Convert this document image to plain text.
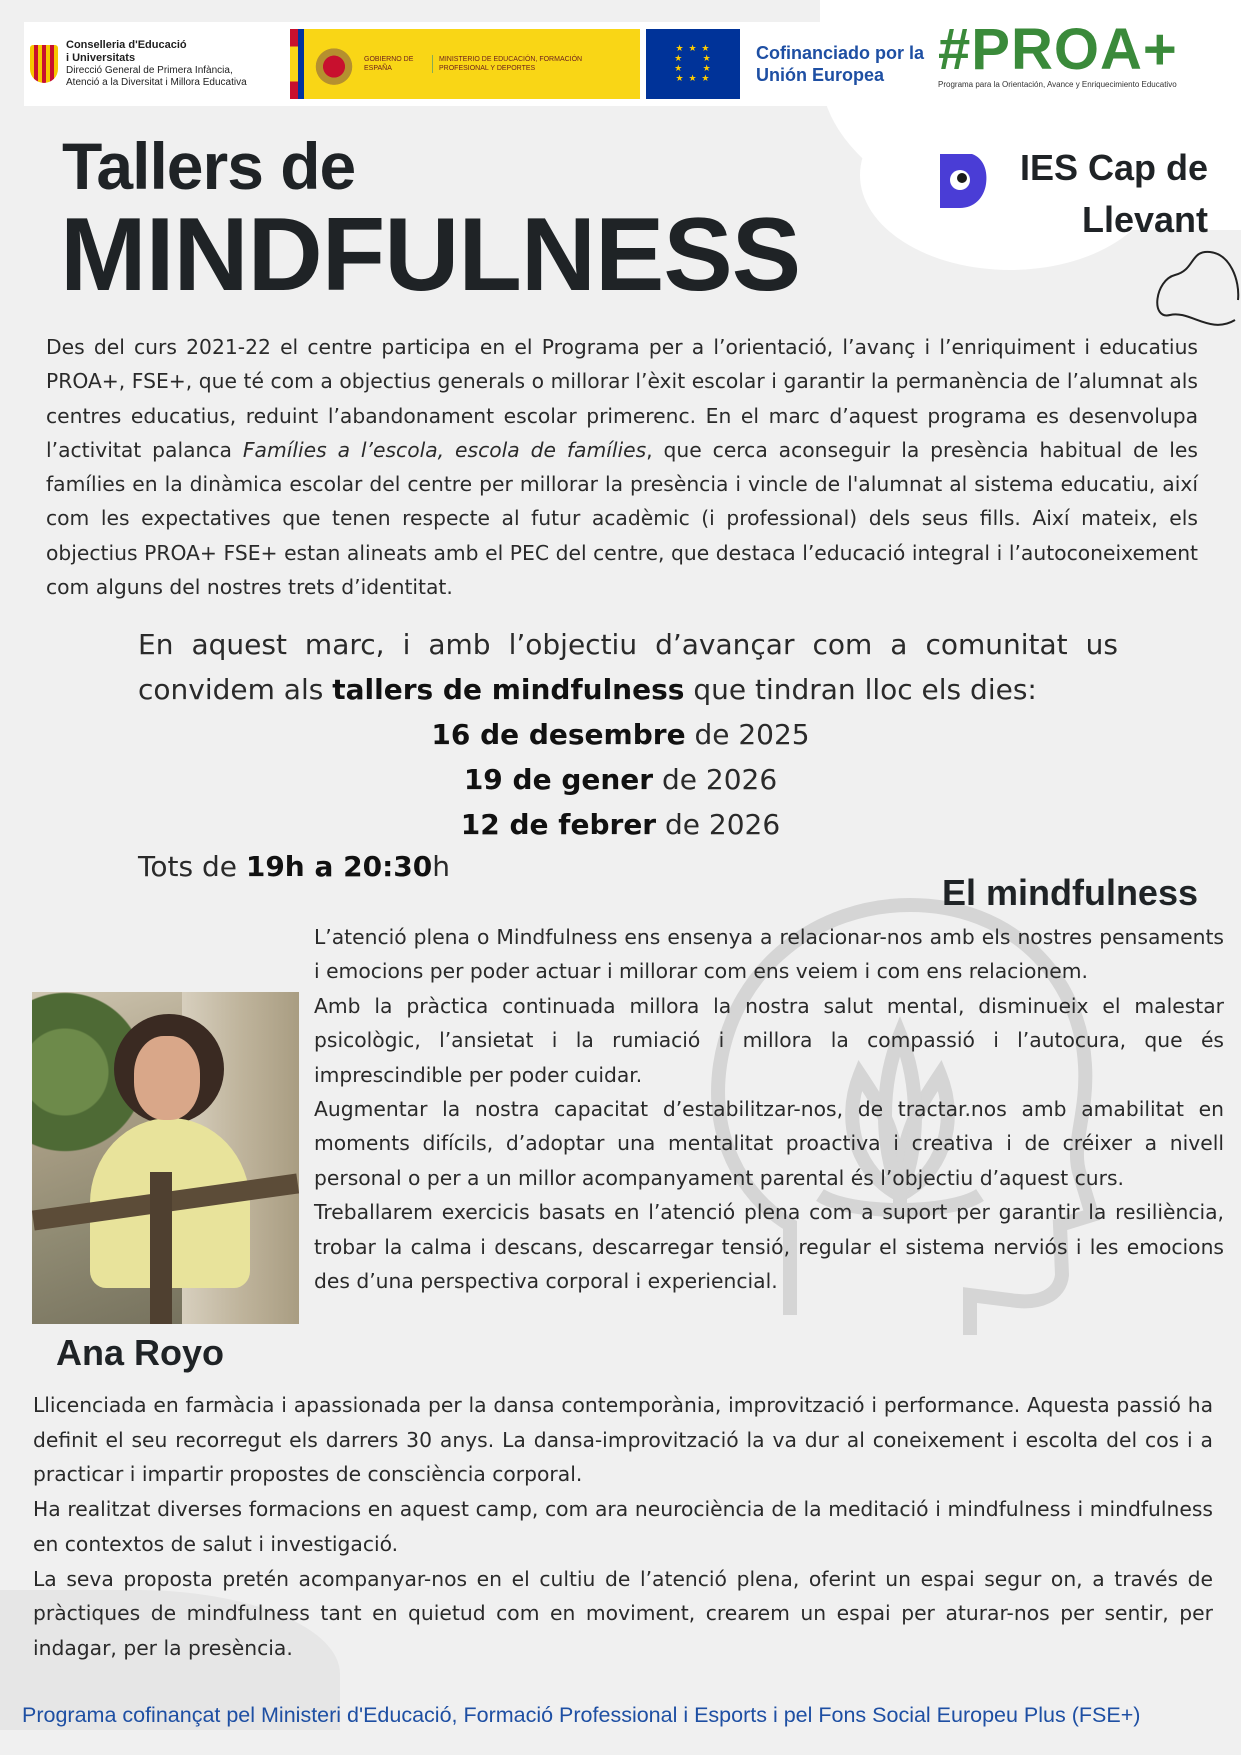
Conselleria d'Educació
i Universitats
Direcció General de Primera Infància,
Atenció a la Diversitat i Millora Educativa
GOBIERNO DE ESPAÑA
MINISTERIO DE EDUCACIÓN, FORMACIÓN PROFESIONAL Y DEPORTES
★ ★ ★
★     ★
★     ★
★ ★ ★
Cofinanciado por la Unión Europea #PROA+
Programa para la Orientación, Avance y Enriquecimiento Educativo
Tallers de
MINDFULNESS
IES Cap de Llevant
Des del curs 2021-22 el centre participa en el Programa per a l’orientació, l’avanç i l’enriquiment i educatius PROA+, FSE+, que té com a objectius generals o millorar l’èxit escolar i garantir la permanència de l’alumnat als centres educatius, reduint l’abandonament escolar primerenc. En el marc d’aquest programa es desenvolupa l’activitat palanca Famílies a l’escola, escola de famílies, que cerca aconseguir la presència habitual de les famílies en la dinàmica escolar del centre per millorar la presència i vincle de l'alumnat al sistema educatiu, així com les expectatives que tenen respecte al futur acadèmic (i professional) dels seus fills. Així mateix, els objectius PROA+ FSE+ estan alineats amb el PEC del centre, que destaca l’educació integral i l’autoconeixement com alguns del nostres trets d’identitat.
En aquest marc, i amb l’objectiu d’avançar com a comunitat us convidem als tallers de mindfulness que tindran lloc els dies:
16 de desembre de 2025
19 de gener de 2026
12 de febrer de 2026
Tots de 19h a 20:30h
El mindfulness

L’atenció plena o Mindfulness ens ensenya a relacionar-nos amb els nostres pensaments i emocions per poder actuar i millorar com ens veiem i com ens relacionem.

Amb la pràctica continuada millora la nostra salut mental, disminueix el malestar psicològic, l’ansietat i la rumiació i millora la compassió i l’autocura, que és imprescindible per poder cuidar.

Augmentar la nostra capacitat d’estabilitzar-nos, de tractar.nos amb amabilitat en moments difícils, d’adoptar una mentalitat proactiva i creativa i de créixer a nivell personal o per a un millor acompanyament parental és l’objectiu d’aquest curs.

Treballarem exercicis basats en l’atenció plena com a suport per garantir la resiliència, trobar la calma i descans, descarregar tensió, regular el sistema nerviós i les emocions des d’una perspectiva corporal i experiencial.

Ana Royo

Llicenciada en farmàcia i apassionada per la dansa contemporània, improvització i performance. Aquesta passió ha definit el seu recorregut els darrers 30 anys. La dansa-improvització la va dur al coneixement i escolta del cos i a practicar i impartir propostes de consciència corporal.

Ha realitzat diverses formacions en aquest camp, com ara neurociència de la meditació i mindfulness i mindfulness en contextos de salut i investigació.

La seva proposta pretén acompanyar-nos en el cultiu de l’atenció plena, oferint un espai segur on, a través de pràctiques de mindfulness tant en quietud com en moviment, crearem un espai per aturar-nos per sentir, per indagar, per la presència.

Programa cofinançat pel Ministeri d'Educació, Formació Professional i Esports i pel Fons Social Europeu Plus (FSE+)
